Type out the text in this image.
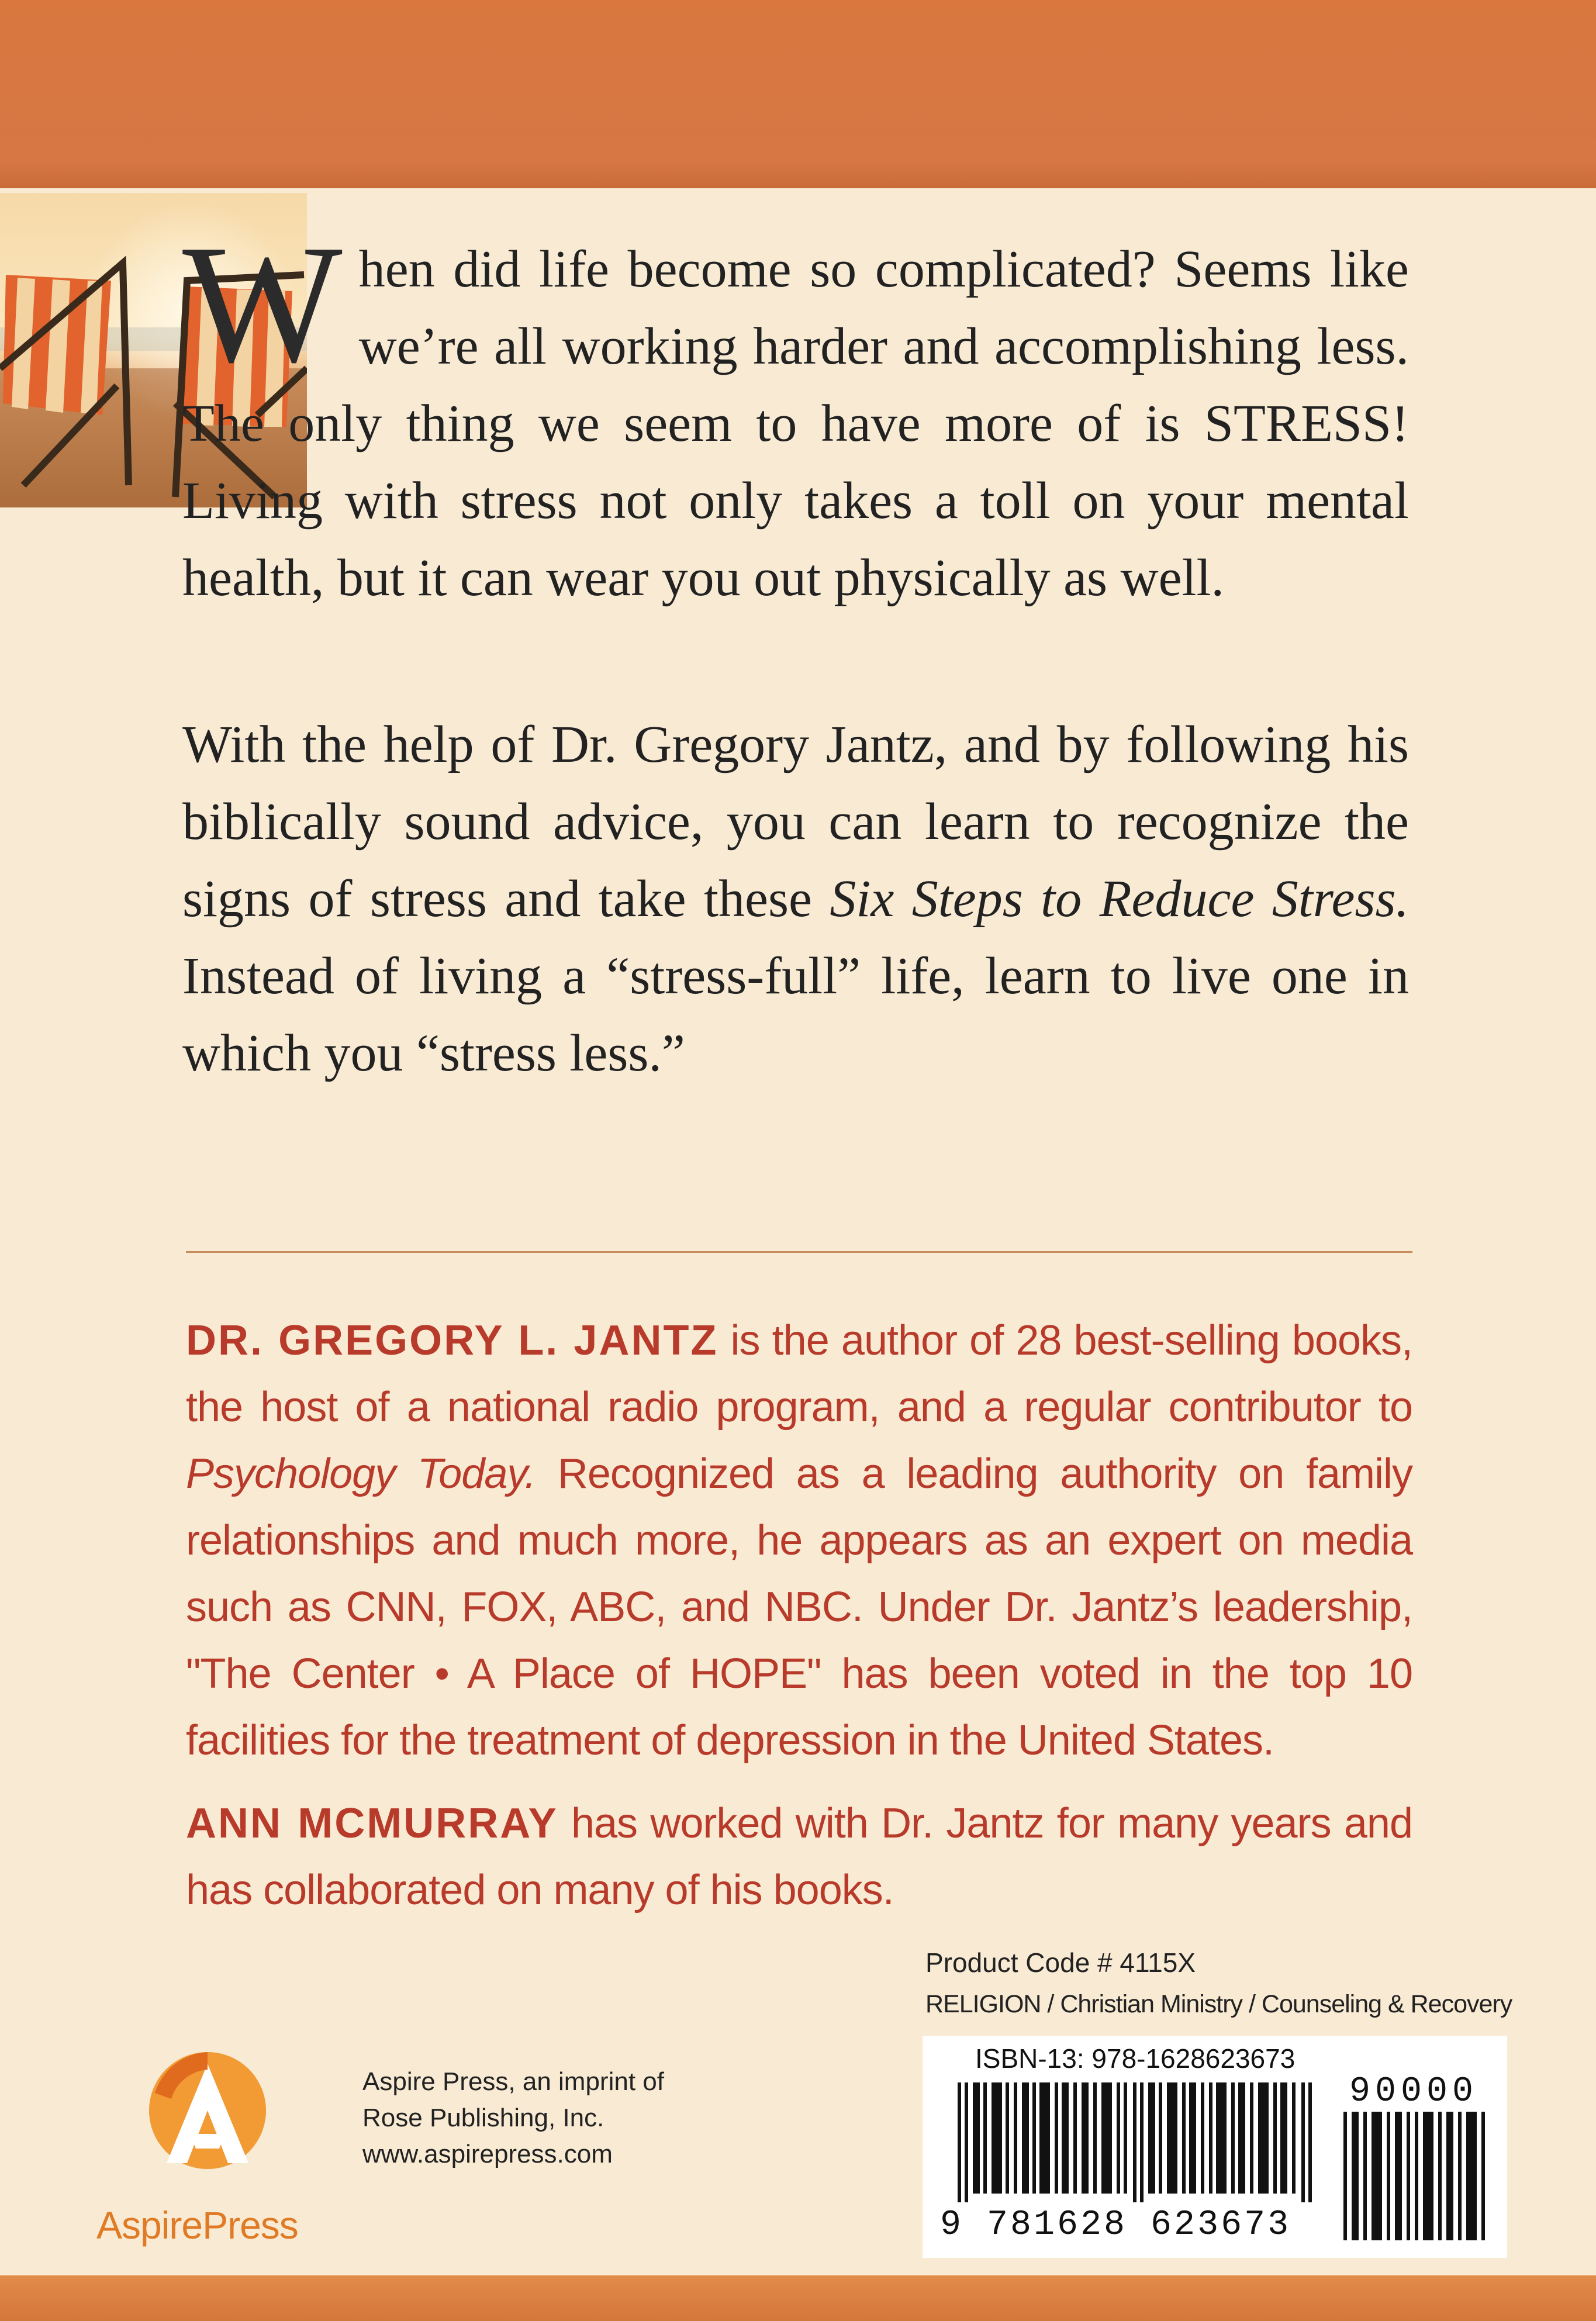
W hen did life become so complicated? Seems like we’re all working harder and accomplishing less. The only thing we seem to have more of is STRESS! Living with stress not only takes a toll on your mental health, but it can wear you out physically as well.

With the help of Dr. Gregory Jantz, and by following his biblically sound advice, you can learn to recognize the signs of stress and take these Six Steps to Reduce Stress. Instead of living a “stress-full” life, learn to live one in which you “stress less.”

DR. GREGORY L. JANTZ is the author of 28 best-selling books, the host of a national radio program, and a regular contributor to Psychology Today. Recognized as a leading authority on family relationships and much more, he appears as an expert on media such as CNN, FOX, ABC, and NBC. Under Dr. Jantz’s leadership, "The Center • A Place of HOPE" has been voted in the top 10 facilities for the treatment of depression in the United States.

ANN MCMURRAY has worked with Dr. Jantz for many years and has collaborated on many of his books.

Product Code # 4115X

RELIGION / Christian Ministry / Counseling & Recovery

ISBN-13: 978-1628623673

90000

9 781628 623673

AspirePress

Aspire Press, an imprint of
Rose Publishing, Inc.
www.aspirepress.com
